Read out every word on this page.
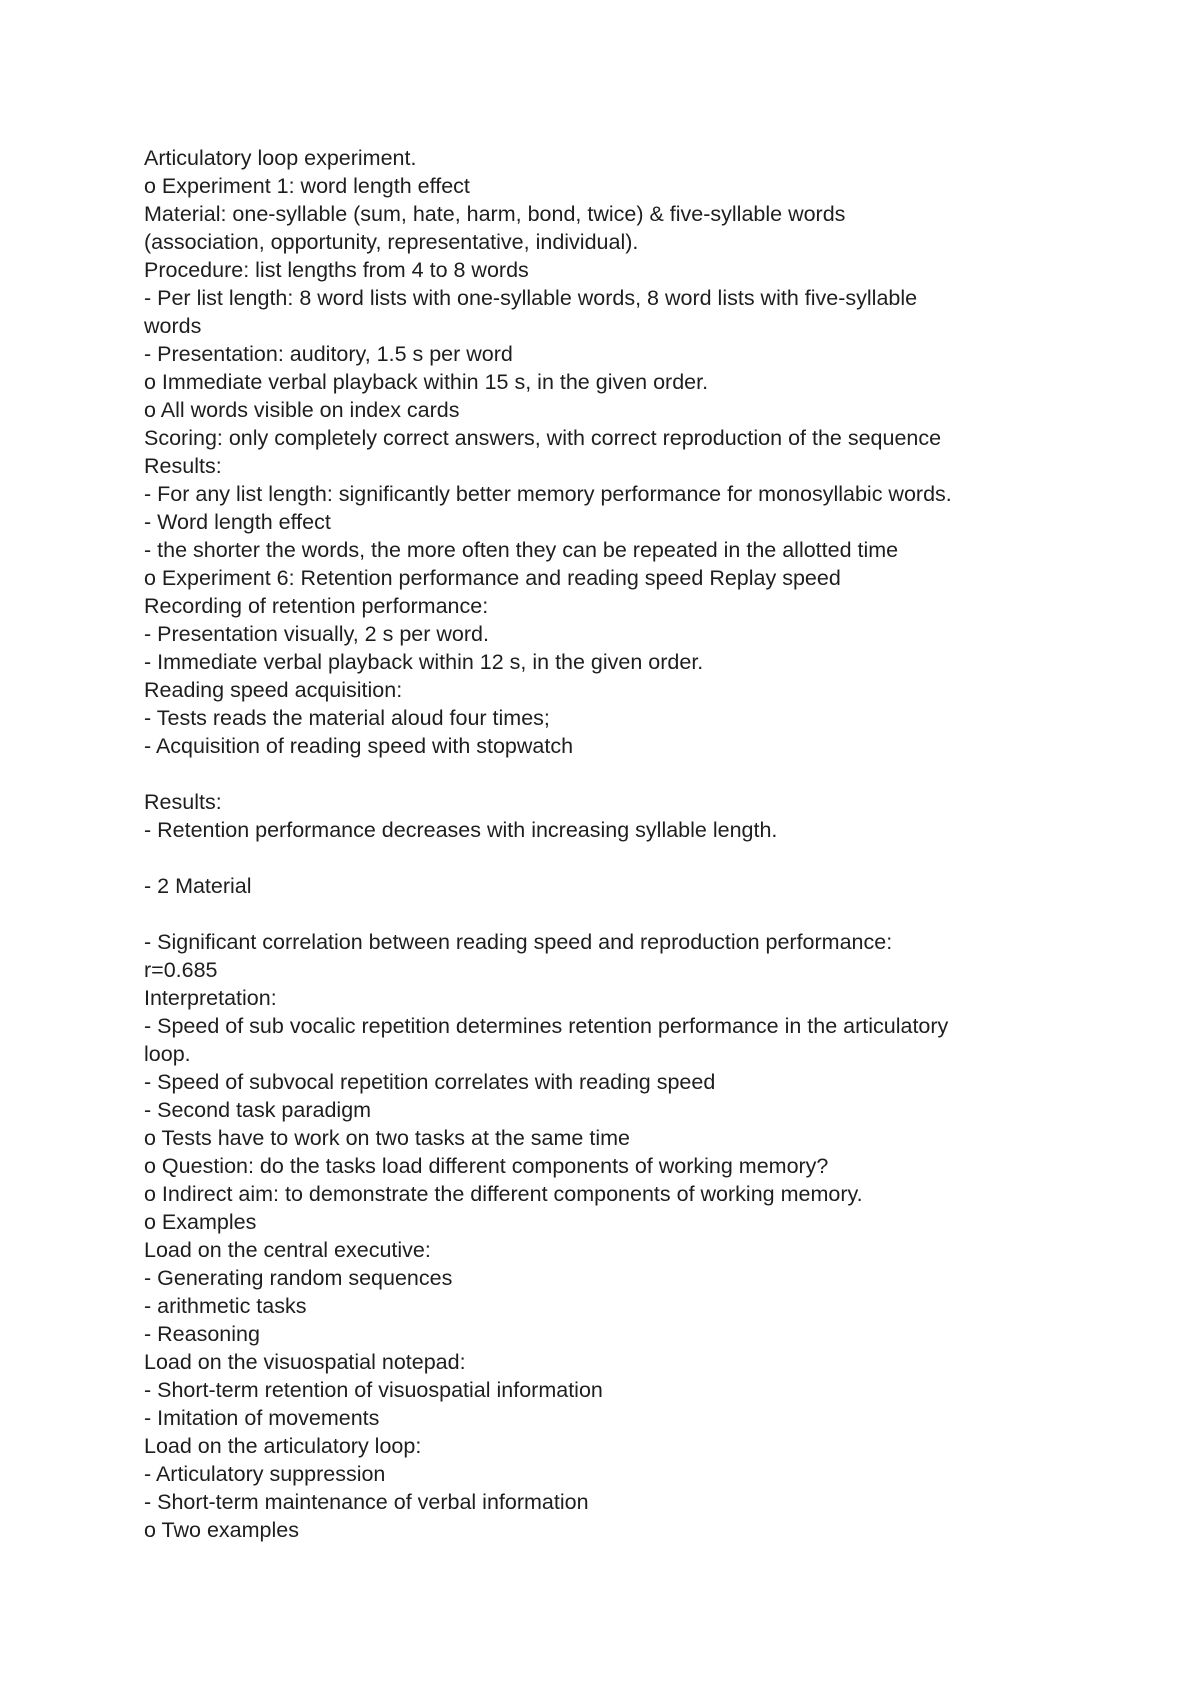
Articulatory loop experiment.
o Experiment 1: word length effect
Material: one-syllable (sum, hate, harm, bond, twice) & five-syllable words
(association, opportunity, representative, individual).
Procedure: list lengths from 4 to 8 words
- Per list length: 8 word lists with one-syllable words, 8 word lists with five-syllable
words
- Presentation: auditory, 1.5 s per word
o Immediate verbal playback within 15 s, in the given order.
o All words visible on index cards
Scoring: only completely correct answers, with correct reproduction of the sequence
Results:
- For any list length: significantly better memory performance for monosyllabic words.
- Word length effect
- the shorter the words, the more often they can be repeated in the allotted time
o Experiment 6: Retention performance and reading speed Replay speed
Recording of retention performance:
- Presentation visually, 2 s per word.
- Immediate verbal playback within 12 s, in the given order.
Reading speed acquisition:
- Tests reads the material aloud four times;
- Acquisition of reading speed with stopwatch
Results:
- Retention performance decreases with increasing syllable length.
- 2 Material
- Significant correlation between reading speed and reproduction performance:
r=0.685
Interpretation:
- Speed of sub vocalic repetition determines retention performance in the articulatory
loop.
- Speed of subvocal repetition correlates with reading speed
- Second task paradigm
o Tests have to work on two tasks at the same time
o Question: do the tasks load different components of working memory?
o Indirect aim: to demonstrate the different components of working memory.
o Examples
Load on the central executive:
- Generating random sequences
- arithmetic tasks
- Reasoning
Load on the visuospatial notepad:
- Short-term retention of visuospatial information
- Imitation of movements
Load on the articulatory loop:
- Articulatory suppression
- Short-term maintenance of verbal information
o Two examples
